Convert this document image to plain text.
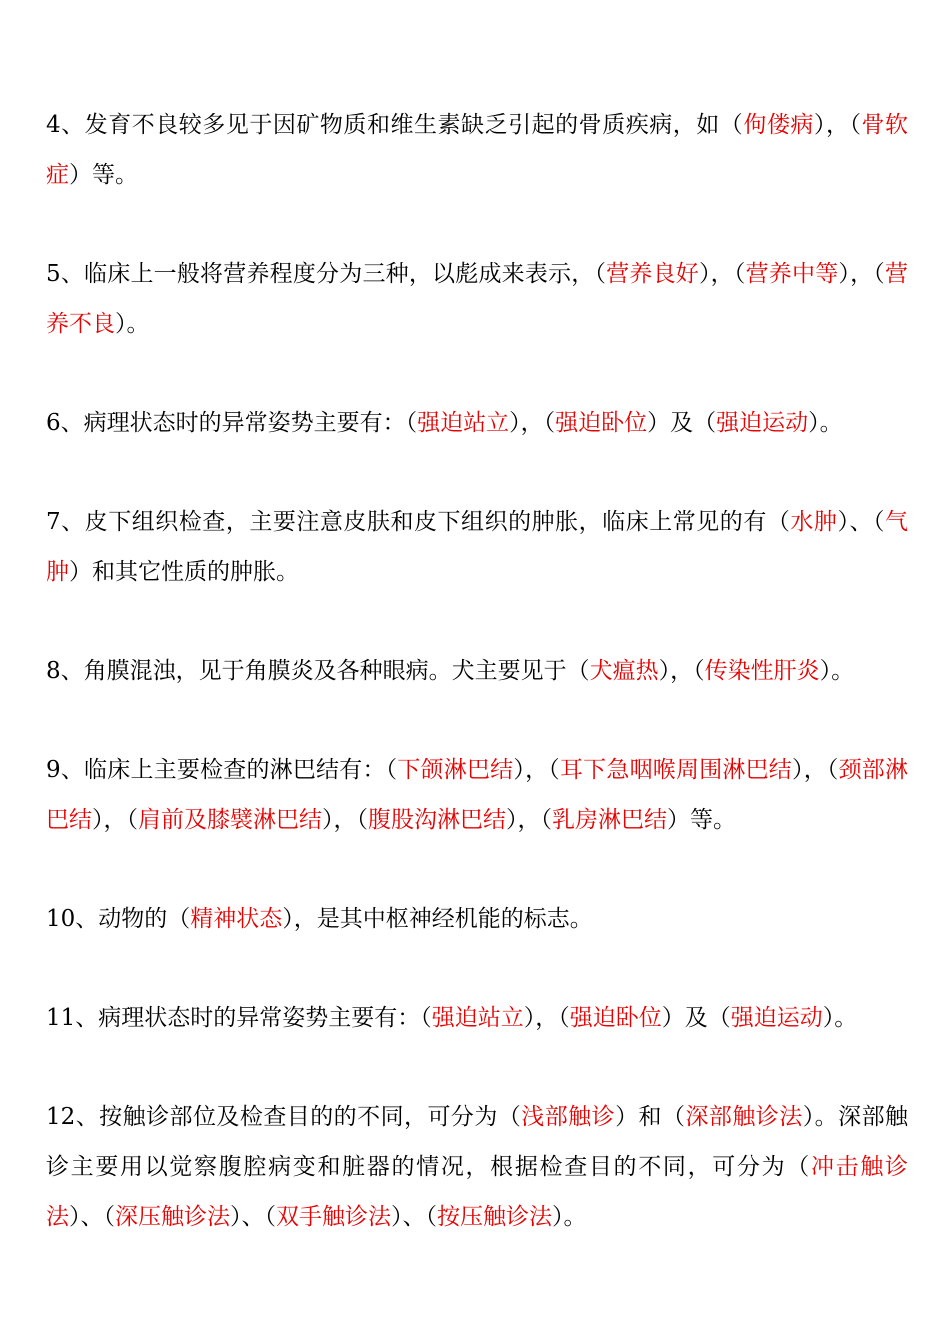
4、发育不良较多见于因矿物质和维生素缺乏引起的骨质疾病，如（佝偻病），（骨软症）等。

5、临床上一般将营养程度分为三种，以彪成来表示，（营养良好），（营养中等），（营养不良）。

6、病理状态时的异常姿势主要有：（强迫站立），（强迫卧位）及（强迫运动）。

7、皮下组织检查，主要注意皮肤和皮下组织的肿胀，临床上常见的有（水肿）、（气肿）和其它性质的肿胀。

8、角膜混浊，见于角膜炎及各种眼病。犬主要见于（犬瘟热），（传染性肝炎）。

9、临床上主要检查的淋巴结有：（下颌淋巴结），（耳下急咽喉周围淋巴结），（颈部淋巴结），（肩前及膝襞淋巴结），（腹股沟淋巴结），（乳房淋巴结）等。

10、动物的（精神状态），是其中枢神经机能的标志。

11、病理状态时的异常姿势主要有：（强迫站立），（强迫卧位）及（强迫运动）。

12、按触诊部位及检查目的的不同，可分为（浅部触诊）和（深部触诊法）。深部触诊主要用以觉察腹腔病变和脏器的情况，根据检查目的不同，可分为（冲击触诊法）、（深压触诊法）、（双手触诊法）、（按压触诊法）。
